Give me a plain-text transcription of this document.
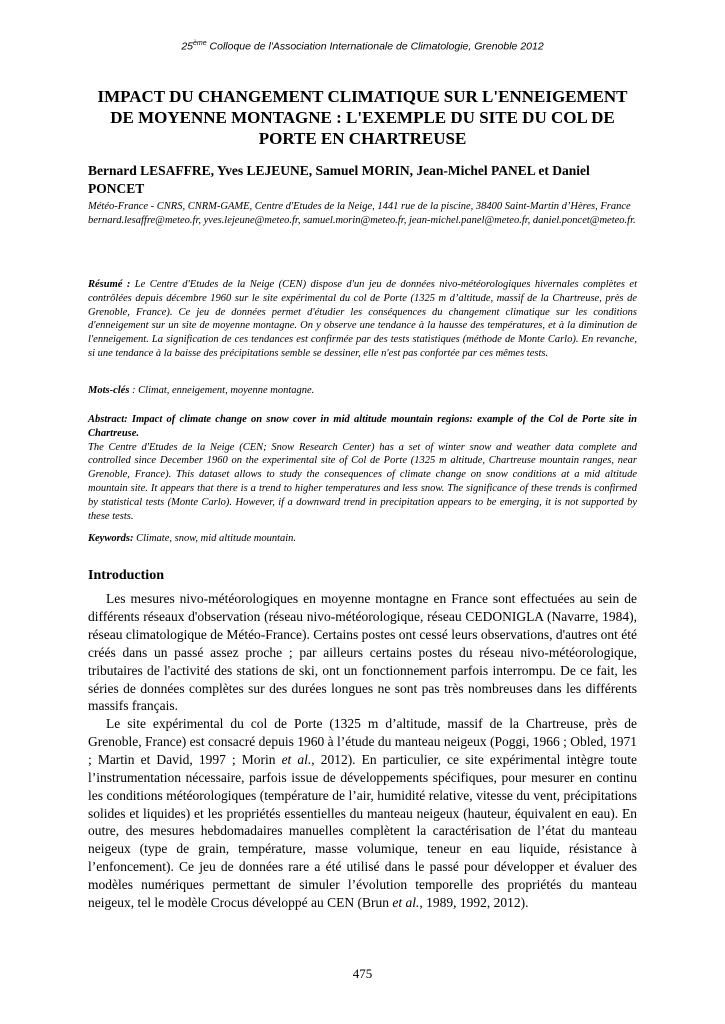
25ème Colloque de l'Association Internationale de Climatologie, Grenoble 2012
IMPACT DU CHANGEMENT CLIMATIQUE SUR L'ENNEIGEMENT
DE MOYENNE MONTAGNE : L'EXEMPLE DU SITE DU COL DE
PORTE EN CHARTREUSE
Bernard LESAFFRE, Yves LEJEUNE, Samuel MORIN, Jean-Michel PANEL et Daniel PONCET
Météo-France - CNRS, CNRM-GAME, Centre d'Etudes de la Neige, 1441 rue de la piscine, 38400 Saint-Martin d’Hères, France
bernard.lesaffre@meteo.fr, yves.lejeune@meteo.fr, samuel.morin@meteo.fr, jean-michel.panel@meteo.fr, daniel.poncet@meteo.fr.
Résumé : Le Centre d'Etudes de la Neige (CEN) dispose d'un jeu de données nivo-météorologiques hivernales complètes et contrôlées depuis décembre 1960 sur le site expérimental du col de Porte (1325 m d’altitude, massif de la Chartreuse, près de Grenoble, France). Ce jeu de données permet d'étudier les conséquences du changement climatique sur les conditions d'enneigement sur un site de moyenne montagne. On y observe une tendance à la hausse des températures, et à la diminution de l'enneigement. La signification de ces tendances est confirmée par des tests statistiques (méthode de Monte Carlo). En revanche, si une tendance à la baisse des précipitations semble se dessiner, elle n'est pas confortée par ces mêmes tests.
Mots-clés : Climat, enneigement, moyenne montagne.
Abstract: Impact of climate change on snow cover in mid altitude mountain regions: example of the Col de Porte site in Chartreuse.
The Centre d'Etudes de la Neige (CEN; Snow Research Center) has a set of winter snow and weather data complete and controlled since December 1960 on the experimental site of Col de Porte (1325 m altitude, Chartreuse mountain ranges, near Grenoble, France). This dataset allows to study the consequences of climate change on snow conditions at a mid altitude mountain site. It appears that there is a trend to higher temperatures and less snow. The significance of these trends is confirmed by statistical tests (Monte Carlo). However, if a downward trend in precipitation appears to be emerging, it is not supported by these tests.
Keywords: Climate, snow, mid altitude mountain.
Introduction
Les mesures nivo-météorologiques en moyenne montagne en France sont effectuées au sein de différents réseaux d'observation (réseau nivo-météorologique, réseau CEDONIGLA (Navarre, 1984), réseau climatologique de Météo-France). Certains postes ont cessé leurs observations, d'autres ont été créés dans un passé assez proche ; par ailleurs certains postes du réseau nivo-météorologique, tributaires de l'activité des stations de ski, ont un fonctionnement parfois interrompu. De ce fait, les séries de données complètes sur des durées longues ne sont pas très nombreuses dans les différents massifs français.
Le site expérimental du col de Porte (1325 m d’altitude, massif de la Chartreuse, près de Grenoble, France) est consacré depuis 1960 à l’étude du manteau neigeux (Poggi, 1966 ; Obled, 1971 ; Martin et David, 1997 ; Morin et al., 2012). En particulier, ce site expérimental intègre toute l’instrumentation nécessaire, parfois issue de développements spécifiques, pour mesurer en continu les conditions météorologiques (température de l’air, humidité relative, vitesse du vent, précipitations solides et liquides) et les propriétés essentielles du manteau neigeux (hauteur, équivalent en eau). En outre, des mesures hebdomadaires manuelles complètent la caractérisation de l’état du manteau neigeux (type de grain, température, masse volumique, teneur en eau liquide, résistance à l’enfoncement). Ce jeu de données rare a été utilisé dans le passé pour développer et évaluer des modèles numériques permettant de simuler l’évolution temporelle des propriétés du manteau neigeux, tel le modèle Crocus développé au CEN (Brun et al., 1989, 1992, 2012).
475
